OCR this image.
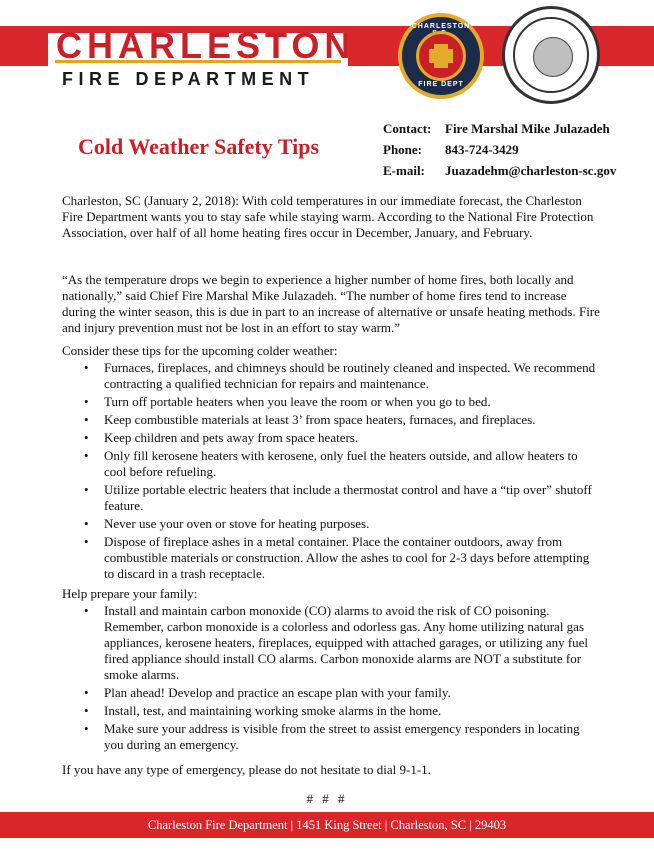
CHARLESTON
FIRE DEPARTMENT
CHARLESTON
FIRE DEPT
Cold Weather Safety Tips
Contact:	Fire Marshal Mike Julazadeh
Phone:	843-724-3429
E-mail:	Juazadehm@charleston-sc.gov

Charleston, SC (January 2, 2018): With cold temperatures in our immediate forecast, the Charleston Fire Department wants you to stay safe while staying warm. According to the National Fire Protection Association, over half of all home heating fires occur in December, January, and February.

“As the temperature drops we begin to experience a higher number of home fires, both locally and nationally,” said Chief Fire Marshal Mike Julazadeh. “The number of home fires tend to increase during the winter season, this is due in part to an increase of alternative or unsafe heating methods. Fire and injury prevention must not be lost in an effort to stay warm.”

Consider these tips for the upcoming colder weather:

• Furnaces, fireplaces, and chimneys should be routinely cleaned and inspected. We recommend contracting a qualified technician for repairs and maintenance.
• Turn off portable heaters when you leave the room or when you go to bed.
• Keep combustible materials at least 3’ from space heaters, furnaces, and fireplaces.
• Keep children and pets away from space heaters.
• Only fill kerosene heaters with kerosene, only fuel the heaters outside, and allow heaters to cool before refueling.
• Utilize portable electric heaters that include a thermostat control and have a “tip over” shutoff feature.
• Never use your oven or stove for heating purposes.
• Dispose of fireplace ashes in a metal container. Place the container outdoors, away from combustible materials or construction. Allow the ashes to cool for 2-3 days before attempting to discard in a trash receptacle.

Help prepare your family:

• Install and maintain carbon monoxide (CO) alarms to avoid the risk of CO poisoning. Remember, carbon monoxide is a colorless and odorless gas. Any home utilizing natural gas appliances, kerosene heaters, fireplaces, equipped with attached garages, or utilizing any fuel fired appliance should install CO alarms. Carbon monoxide alarms are NOT a substitute for smoke alarms.
• Plan ahead! Develop and practice an escape plan with your family.
• Install, test, and maintaining working smoke alarms in the home.
• Make sure your address is visible from the street to assist emergency responders in locating you during an emergency.

If you have any type of emergency, please do not hesitate to dial 9-1-1.

# # #
Charleston Fire Department | 1451 King Street | Charleston, SC | 29403
